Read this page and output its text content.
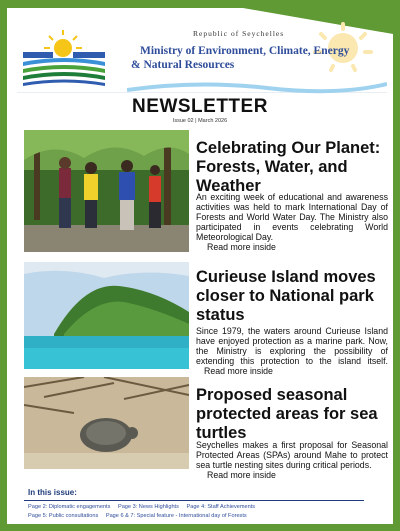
Republic of Seychelles
Ministry of Environment, Climate, Energy
& Natural Resources
NEWSLETTER
Issue 02 | March 2026
Celebrating Our Planet: Forests, Water, and Weather
An exciting week of educational and awareness activities was held to mark International Day of Forests and World Water Day. The Ministry also participated in events celebrating World Meteorological Day.
Read more inside
Curieuse Island moves closer to National park status
Since 1979, the waters around Curieuse Island have enjoyed protection as a marine park. Now, the Ministry is exploring the possibility of extending this protection to the island itself. Read more inside
Proposed seasonal protected areas for sea turtles
Seychelles makes a first proposal for Seasonal Protected Areas (SPAs) around Mahe to protect sea turtle nesting sites during critical periods.
Read more inside
In this issue:
Page 2: Diplomatic engagements Page 3: News Highlights Page 4: Staff Achievements
Page 5: Public consultations Page 6 & 7: Special feature - International day of Forests
